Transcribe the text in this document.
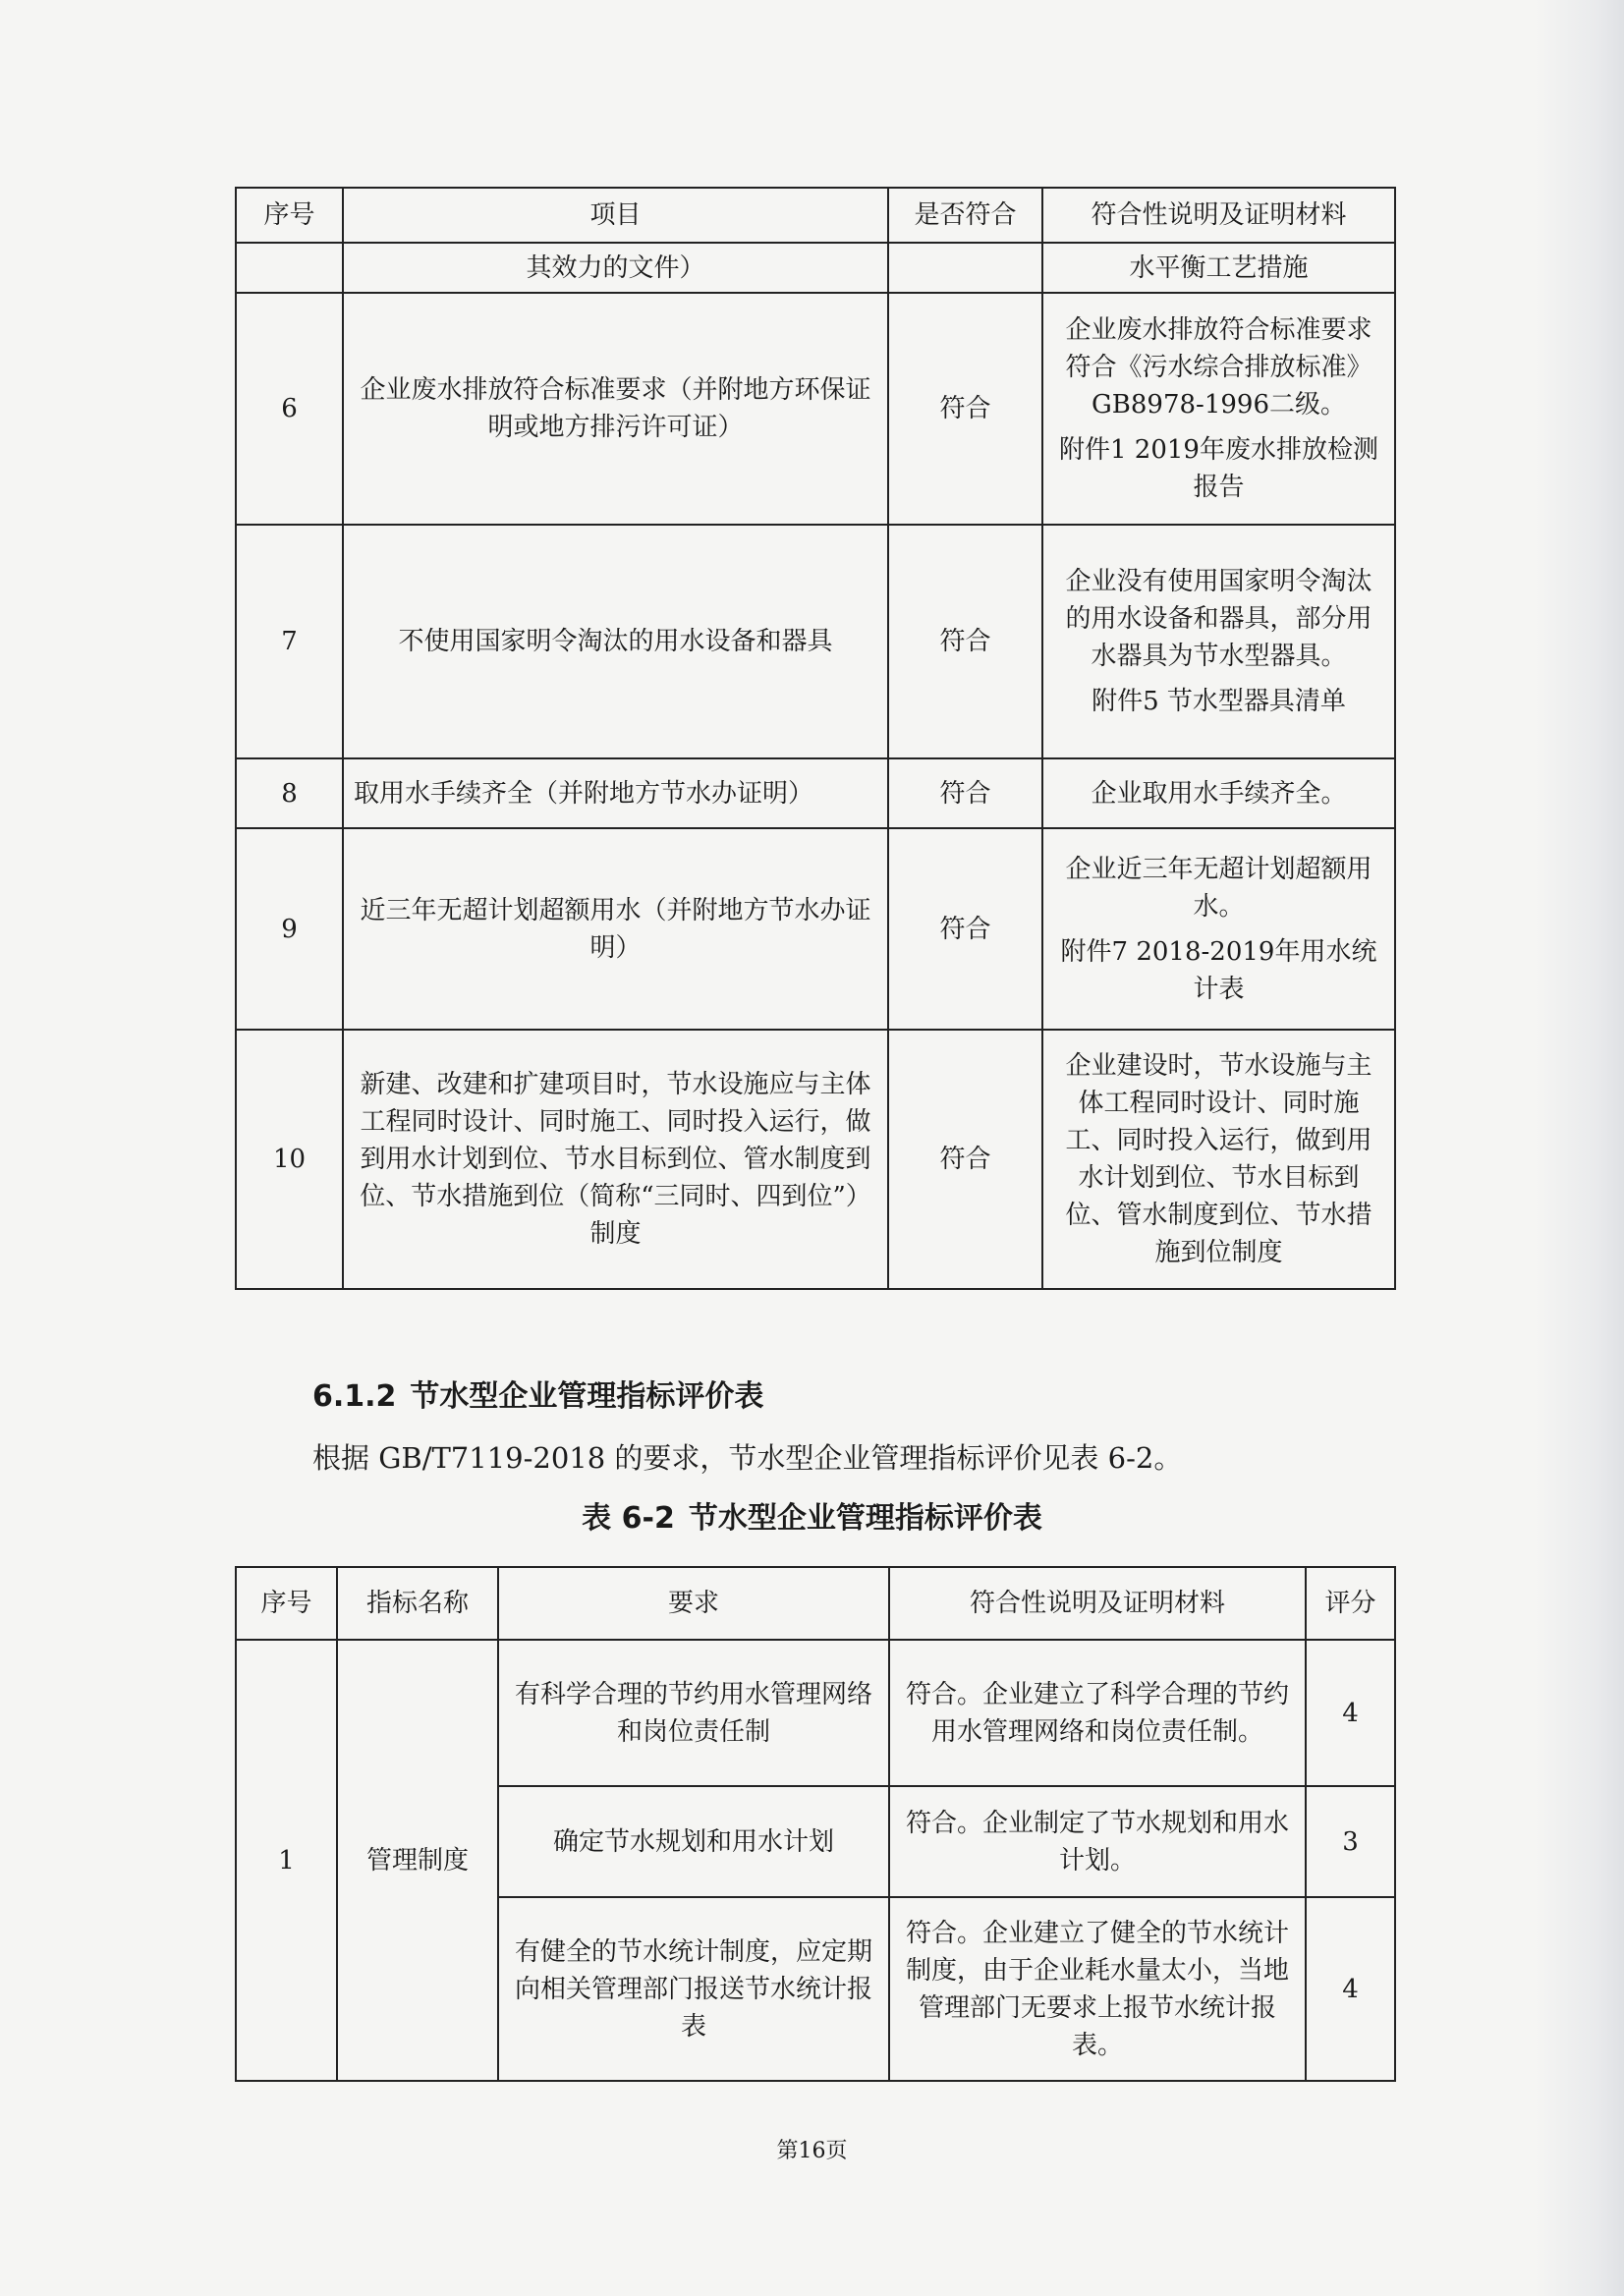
序号	项目	是否符合	符合性说明及证明材料
	其效力的文件）		水平衡工艺措施
6	企业废水排放符合标准要求（并附地方环保证明或地方排污许可证）	符合	企业废水排放符合标准要求符合《污水综合排放标准》GB8978-1996二级。
附件1 2019年废水排放检测报告

7	不使用国家明令淘汰的用水设备和器具	符合	企业没有使用国家明令淘汰的用水设备和器具，部分用水器具为节水型器具。
附件5 节水型器具清单

8	取用水手续齐全（并附地方节水办证明）	符合	企业取用水手续齐全。
9	近三年无超计划超额用水（并附地方节水办证明）	符合	企业近三年无超计划超额用水。
附件7 2018-2019年用水统计表

10	新建、改建和扩建项目时，节水设施应与主体工程同时设计、同时施工、同时投入运行，做到用水计划到位、节水目标到位、管水制度到位、节水措施到位（简称“三同时、四到位”）制度	符合	企业建设时，节水设施与主体工程同时设计、同时施工、同时投入运行，做到用水计划到位、节水目标到位、管水制度到位、节水措施到位制度
6.1.2 节水型企业管理指标评价表
根据 GB/T7119-2018 的要求，节水型企业管理指标评价见表 6-2。
表 6-2 节水型企业管理指标评价表
序号	指标名称	要求	符合性说明及证明材料	评分
1	管理制度	有科学合理的节约用水管理网络和岗位责任制	符合。企业建立了科学合理的节约用水管理网络和岗位责任制。	4
		确定节水规划和用水计划	符合。企业制定了节水规划和用水计划。	3
		有健全的节水统计制度，应定期向相关管理部门报送节水统计报表	符合。企业建立了健全的节水统计制度，由于企业耗水量太小，当地管理部门无要求上报节水统计报表。	4
第16页
